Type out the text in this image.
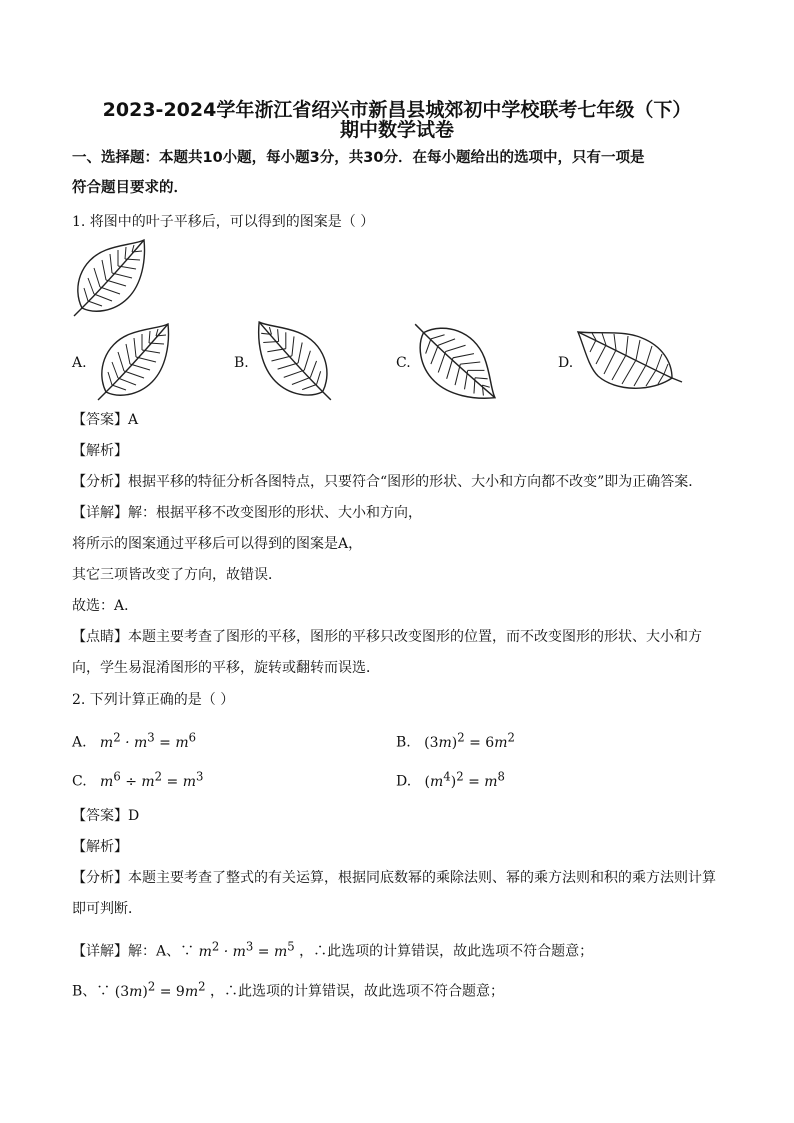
2023-2024学年浙江省绍兴市新昌县城郊初中学校联考七年级（下）
期中数学试卷
一、选择题：本题共10小题，每小题3分，共30分．在每小题给出的选项中，只有一项是
符合题目要求的．
1. 将图中的叶子平移后，可以得到的图案是（ ）
A.	B.	C.	D.
【答案】A
【解析】
【分析】根据平移的特征分析各图特点，只要符合“图形的形状、大小和方向都不改变”即为正确答案．
【详解】解：根据平移不改变图形的形状、大小和方向，
将所示的图案通过平移后可以得到的图案是A，
其它三项皆改变了方向，故错误．
故选：A．
【点睛】本题主要考查了图形的平移，图形的平移只改变图形的位置，而不改变图形的形状、大小和方
向，学生易混淆图形的平移，旋转或翻转而误选．
2. 下列计算正确的是（ ）
A.   $m^2 \cdot m^3 = m^6$	B. $(3m)^2 = 6m^2$
C.   $m^6 \div m^2 = m^3$	D. $(m^4)^2 = m^8$
【答案】D
【解析】
【分析】本题主要考查了整式的有关运算，根据同底数幂的乘除法则、幂的乘方法则和积的乘方法则计算
即可判断．
【详解】解：A、∵ $m^2 \cdot m^3 = m^5$ ，∴此选项的计算错误，故此选项不符合题意；
B、∵ $(3m)^2 = 9m^2$ ，∴此选项的计算错误，故此选项不符合题意；
